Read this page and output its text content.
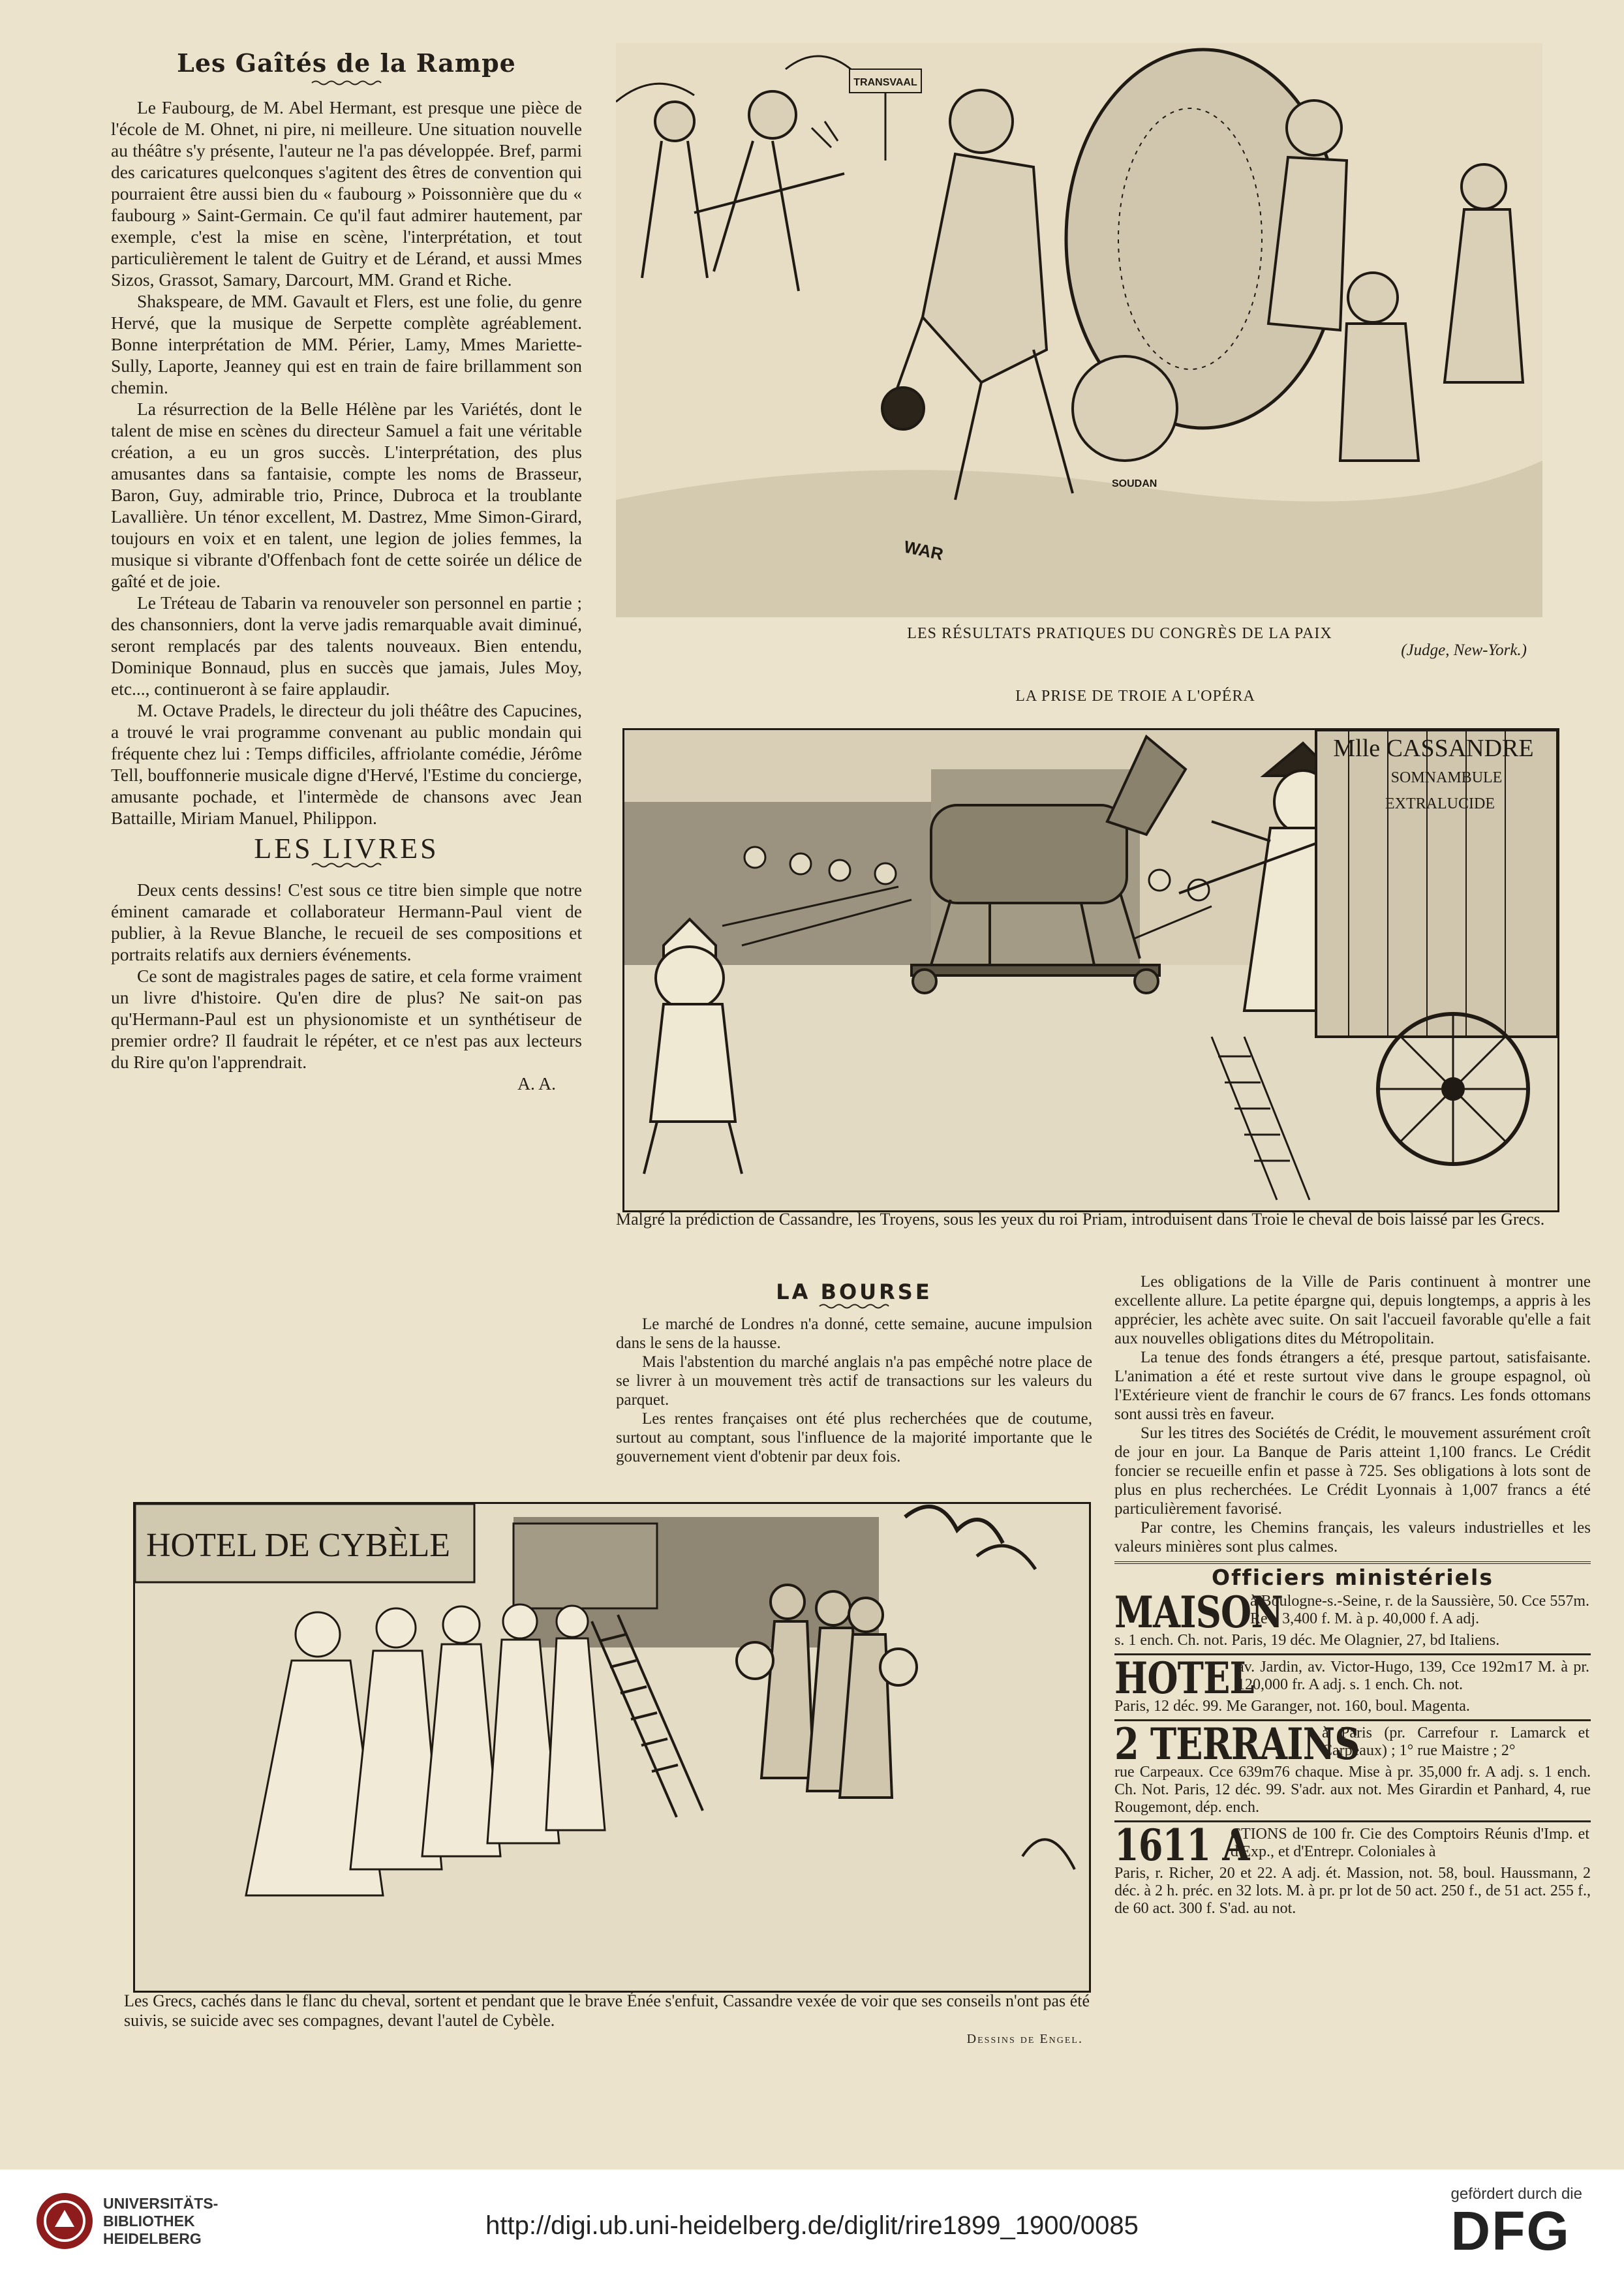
Les Gaîtés de la Rampe

Le Faubourg, de M. Abel Hermant, est presque une pièce de l'école de M. Ohnet, ni pire, ni meilleure. Une situation nouvelle au théâtre s'y présente, l'auteur ne l'a pas développée. Bref, parmi des caricatures quelconques s'agitent des êtres de convention qui pourraient être aussi bien du « faubourg » Poissonnière que du « faubourg » Saint-Germain. Ce qu'il faut admirer hautement, par exemple, c'est la mise en scène, l'interprétation, et tout particulièrement le talent de Guitry et de Lérand, et aussi Mmes Sizos, Grassot, Samary, Darcourt, MM. Grand et Riche.

Shakspeare, de MM. Gavault et Flers, est une folie, du genre Hervé, que la musique de Serpette complète agréablement. Bonne interprétation de MM. Périer, Lamy, Mmes Mariette-Sully, Laporte, Jeanney qui est en train de faire brillamment son chemin.

La résurrection de la Belle Hélène par les Variétés, dont le talent de mise en scènes du directeur Samuel a fait une véritable création, a eu un gros succès. L'interprétation, des plus amusantes dans sa fantaisie, compte les noms de Brasseur, Baron, Guy, admirable trio, Prince, Dubroca et la troublante Lavallière. Un ténor excellent, M. Dastrez, Mme Simon-Girard, toujours en voix et en talent, une legion de jolies femmes, la musique si vibrante d'Offenbach font de cette soirée un délice de gaîté et de joie.

Le Tréteau de Tabarin va renouveler son personnel en partie ; des chansonniers, dont la verve jadis remarquable avait diminué, seront remplacés par des talents nouveaux. Bien entendu, Dominique Bonnaud, plus en succès que jamais, Jules Moy, etc..., continueront à se faire applaudir.

M. Octave Pradels, le directeur du joli théâtre des Capucines, a trouvé le vrai programme convenant au public mondain qui fréquente chez lui : Temps difficiles, affriolante comédie, Jérôme Tell, bouffonnerie musicale digne d'Hervé, l'Estime du concierge, amusante pochade, et l'intermède de chansons avec Jean Battaille, Miriam Manuel, Philippon.

LES LIVRES

Deux cents dessins! C'est sous ce titre bien simple que notre éminent camarade et collaborateur Hermann-Paul vient de publier, à la Revue Blanche, le recueil de ses compositions et portraits relatifs aux derniers événements.

Ce sont de magistrales pages de satire, et cela forme vraiment un livre d'histoire. Qu'en dire de plus? Ne sait-on pas qu'Hermann-Paul est un physionomiste et un synthétiseur de premier ordre? Il faudrait le répéter, et ce n'est pas aux lecteurs du Rire qu'on l'apprendrait.

A. A.
TRANSVAAL
WAR
SOUDAN
LES RÉSULTATS PRATIQUES DU CONGRÈS DE LA PAIX
(Judge, New-York.)
LA PRISE DE TROIE A L'OPÉRA
Mlle CASSANDRE
SOMNAMBULE
EXTRALUCIDE
Malgré la prédiction de Cassandre, les Troyens, sous les yeux du roi Priam, introduisent dans Troie le cheval de bois laissé par les Grecs.
LA BOURSE

Le marché de Londres n'a donné, cette semaine, aucune impulsion dans le sens de la hausse.

Mais l'abstention du marché anglais n'a pas empêché notre place de se livrer à un mouvement très actif de transactions sur les valeurs du parquet.

Les rentes françaises ont été plus recherchées que de coutume, surtout au comptant, sous l'influence de la majorité importante que le gouvernement vient d'obtenir par deux fois.

Les obligations de la Ville de Paris continuent à montrer une excellente allure. La petite épargne qui, depuis longtemps, a appris à les apprécier, les achète avec suite. On sait l'accueil favorable qu'elle a fait aux nouvelles obligations dites du Métropolitain.

La tenue des fonds étrangers a été, presque partout, satisfaisante. L'animation a été et reste surtout vive dans le groupe espagnol, où l'Extérieure vient de franchir le cours de 67 francs. Les fonds ottomans sont aussi très en faveur.

Sur les titres des Sociétés de Crédit, le mouvement assurément croît de jour en jour. La Banque de Paris atteint 1,100 francs. Le Crédit foncier se recueille enfin et passe à 725. Ses obligations à lots sont de plus en plus recherchées. Le Crédit Lyonnais à 1,007 francs a été particulièrement favorisé.

Par contre, les Chemins français, les valeurs industrielles et les valeurs minières sont plus calmes.

Officiers ministériels
MAISON
à Boulogne-s.-Seine, r. de la Saussière, 50. Cce 557m. Rev. 3,400 f. M. à p. 40,000 f. A adj.
s. 1 ench. Ch. not. Paris, 19 déc. Me Olagnier, 27, bd Italiens.
HOTEL
av. Jardin, av. Victor-Hugo, 139, Cce 192m17 M. à pr. 120,000 fr. A adj. s. 1 ench. Ch. not.
Paris, 12 déc. 99. Me Garanger, not. 160, boul. Magenta.
2 TERRAINS
à Paris (pr. Carrefour r. Lamarck et Carpeaux) ; 1° rue Maistre ; 2°
rue Carpeaux. Cce 639m76 chaque. Mise à pr. 35,000 fr. A adj. s. 1 ench. Ch. Not. Paris, 12 déc. 99. S'adr. aux not. Mes Girardin et Panhard, 4, rue Rougemont, dép. ench.
1611 A
CTIONS de 100 fr. Cie des Comptoirs Réunis d'Imp. et d'Exp., et d'Entrepr. Coloniales à
Paris, r. Richer, 20 et 22. A adj. ét. Massion, not. 58, boul. Haussmann, 2 déc. à 2 h. préc. en 32 lots. M. à pr. pr lot de 50 act. 250 f., de 51 act. 255 f., de 60 act. 300 f. S'ad. au not.
HOTEL DE CYBÈLE
Les Grecs, cachés dans le flanc du cheval, sortent et pendant que le brave Énée s'enfuit, Cassandre vexée de voir que ses conseils n'ont pas été suivis, se suicide avec ses compagnes, devant l'autel de Cybèle.
Dessins de Engel.
UNIVERSITÄTS-
BIBLIOTHEK
HEIDELBERG	http://digi.ub.uni-heidelberg.de/diglit/rire1899_1900/0085
gefördert durch die
DFG
